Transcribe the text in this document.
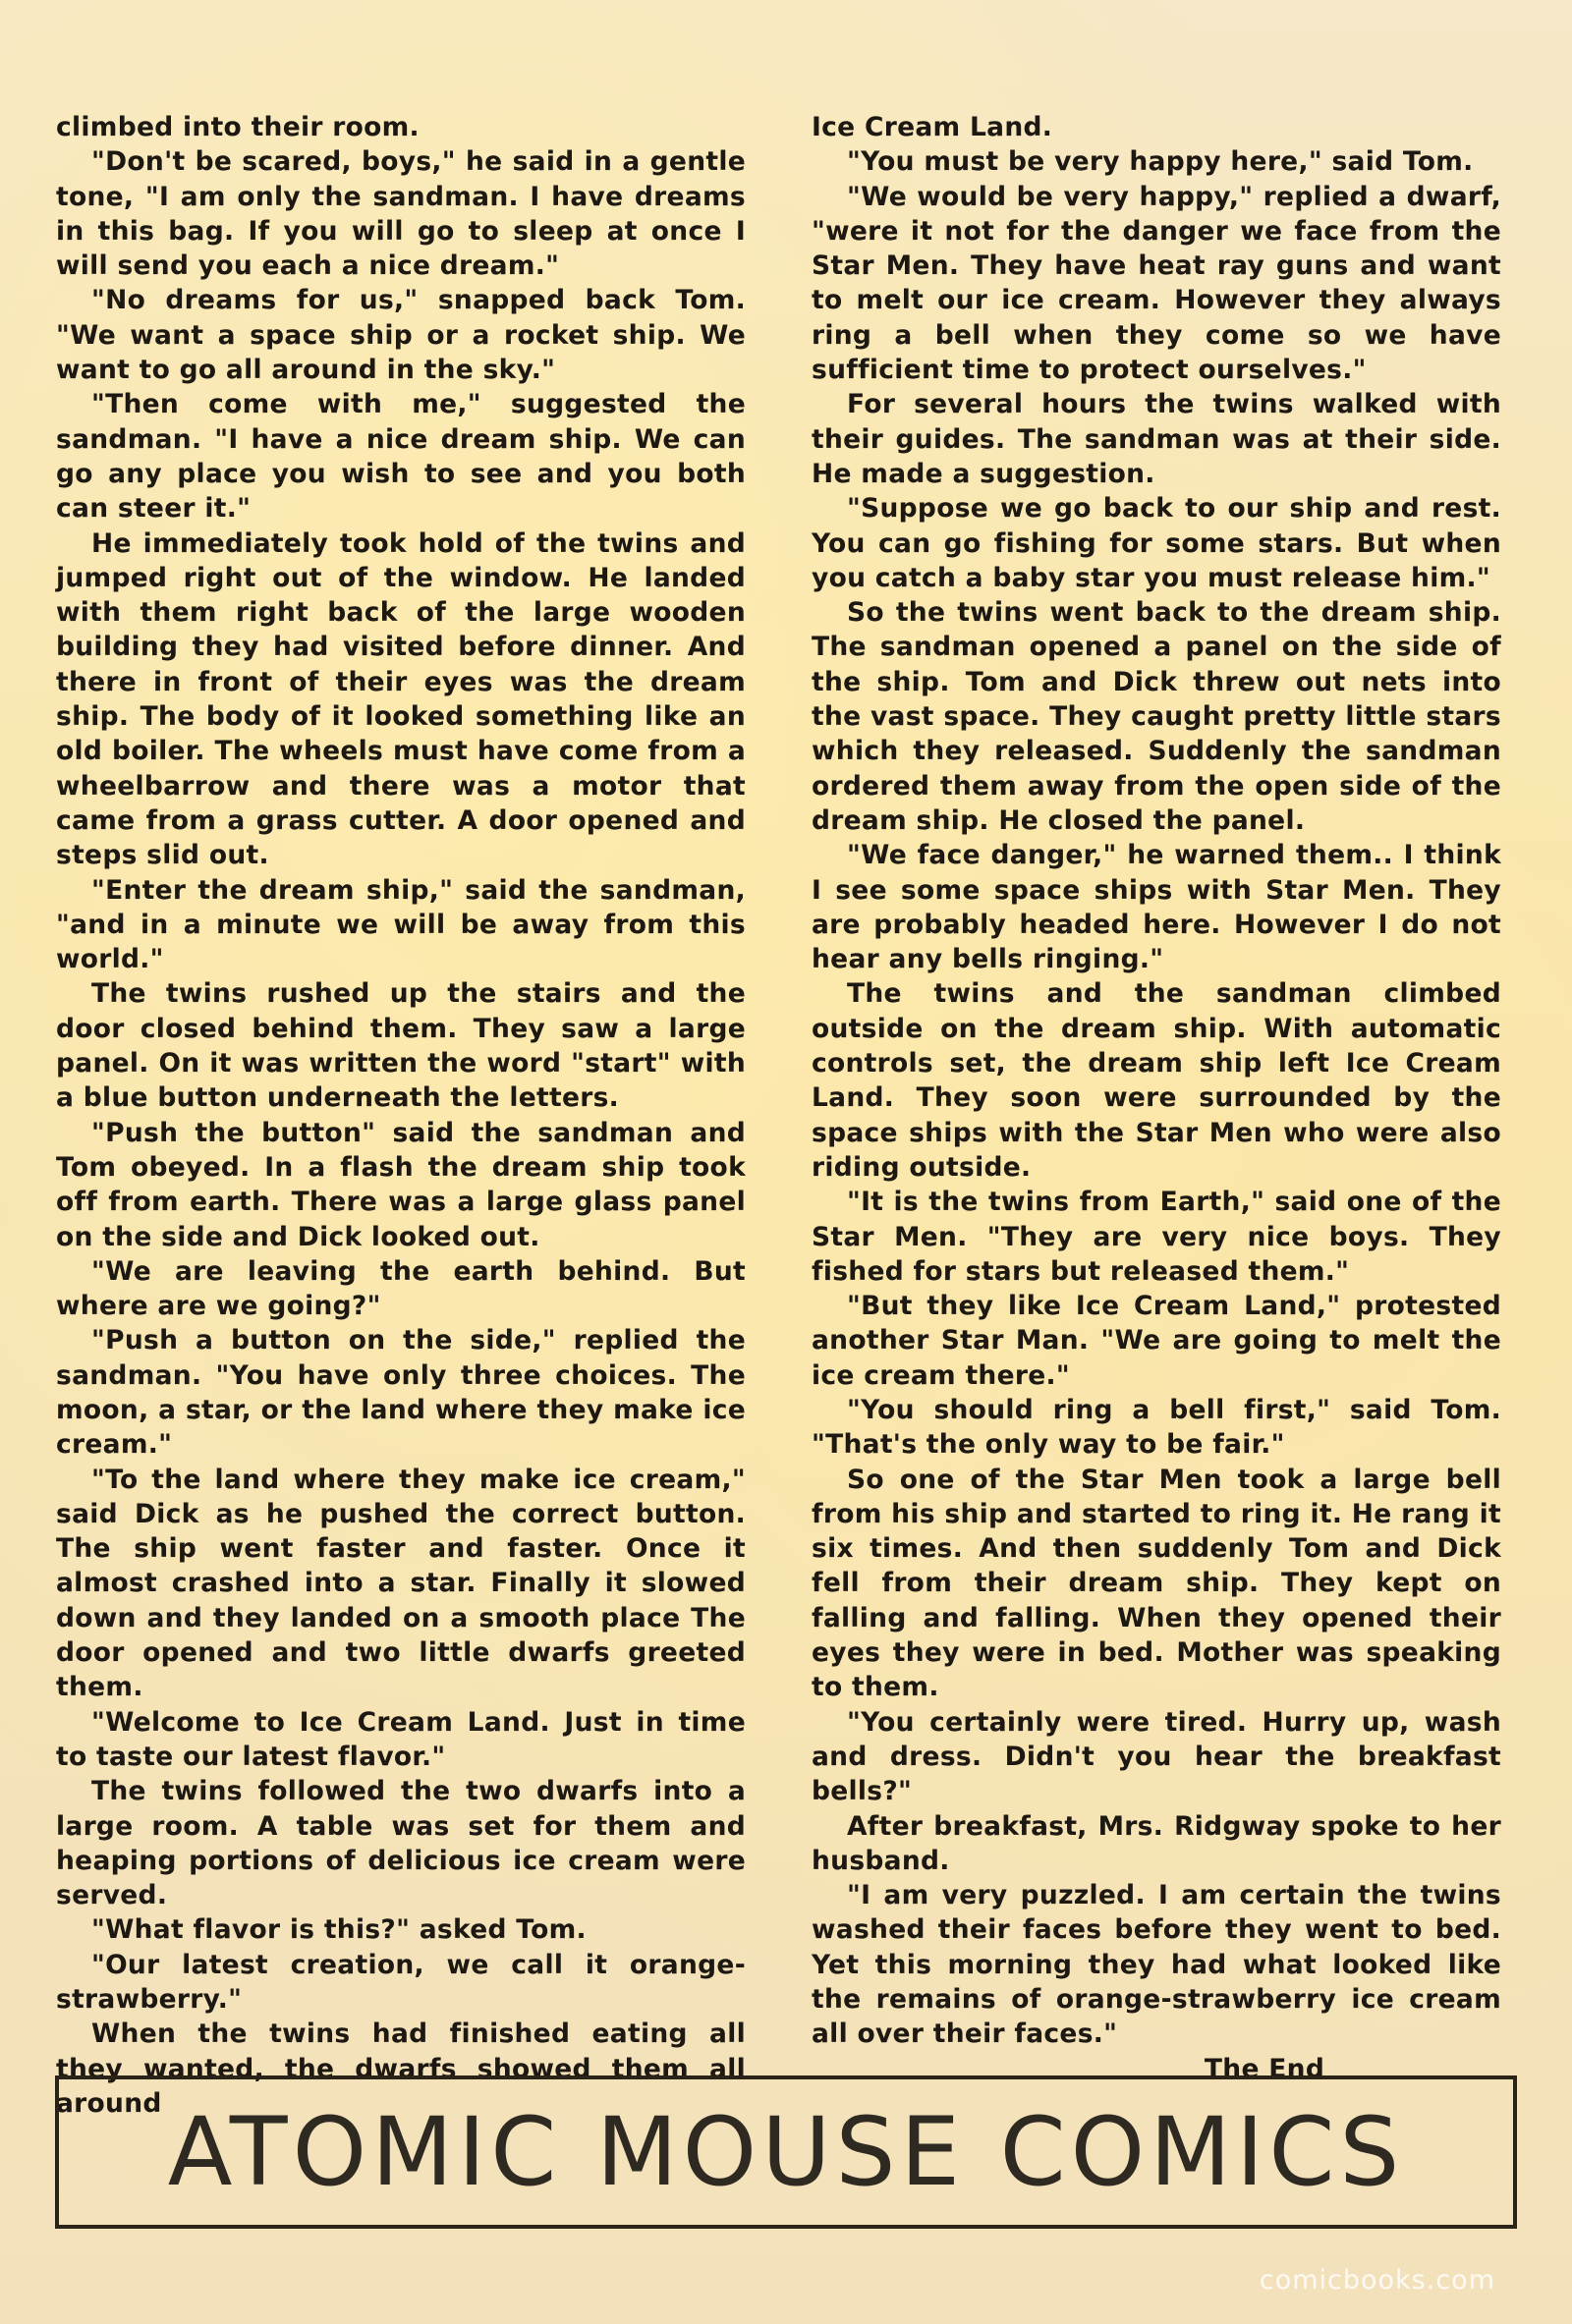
climbed into their room.

"Don't be scared, boys," he said in a gentle tone, "I am only the sandman. I have dreams in this bag. If you will go to sleep at once I will send you each a nice dream."

"No dreams for us," snapped back Tom. "We want a space ship or a rocket ship. We want to go all around in the sky."

"Then come with me," suggested the sandman. "I have a nice dream ship. We can go any place you wish to see and you both can steer it."

He immediately took hold of the twins and jumped right out of the window. He landed with them right back of the large wooden building they had visited before dinner. And there in front of their eyes was the dream ship. The body of it looked something like an old boiler. The wheels must have come from a wheelbarrow and there was a motor that came from a grass cutter. A door opened and steps slid out.

"Enter the dream ship," said the sandman, "and in a minute we will be away from this world."

The twins rushed up the stairs and the door closed behind them. They saw a large panel. On it was written the word "start" with a blue button underneath the letters.

"Push the button" said the sandman and Tom obeyed. In a flash the dream ship took off from earth. There was a large glass panel on the side and Dick looked out.

"We are leaving the earth behind. But where are we going?"

"Push a button on the side," replied the sandman. "You have only three choices. The moon, a star, or the land where they make ice cream."

"To the land where they make ice cream," said Dick as he pushed the correct button. The ship went faster and faster. Once it almost crashed into a star. Finally it slowed down and they landed on a smooth place The door opened and two little dwarfs greeted them.

"Welcome to Ice Cream Land. Just in time to taste our latest flavor."

The twins followed the two dwarfs into a large room. A table was set for them and heaping portions of delicious ice cream were served.

"What flavor is this?" asked Tom.

"Our latest creation, we call it orange-strawberry."

When the twins had finished eating all they wanted, the dwarfs showed them all around

Ice Cream Land.

"You must be very happy here," said Tom.

"We would be very happy," replied a dwarf, "were it not for the danger we face from the Star Men. They have heat ray guns and want to melt our ice cream. However they always ring a bell when they come so we have sufficient time to protect ourselves."

For several hours the twins walked with their guides. The sandman was at their side. He made a suggestion.

"Suppose we go back to our ship and rest. You can go fishing for some stars. But when you catch a baby star you must release him."

So the twins went back to the dream ship. The sandman opened a panel on the side of the ship. Tom and Dick threw out nets into the vast space. They caught pretty little stars which they released. Suddenly the sandman ordered them away from the open side of the dream ship. He closed the panel.

"We face danger," he warned them.. I think I see some space ships with Star Men. They are probably headed here. However I do not hear any bells ringing."

The twins and the sandman climbed outside on the dream ship. With automatic controls set, the dream ship left Ice Cream Land. They soon were surrounded by the space ships with the Star Men who were also riding outside.

"It is the twins from Earth," said one of the Star Men. "They are very nice boys. They fished for stars but released them."

"But they like Ice Cream Land," protested another Star Man. "We are going to melt the ice cream there."

"You should ring a bell first," said Tom. "That's the only way to be fair."

So one of the Star Men took a large bell from his ship and started to ring it. He rang it six times. And then suddenly Tom and Dick fell from their dream ship. They kept on falling and falling. When they opened their eyes they were in bed. Mother was speaking to them.

"You certainly were tired. Hurry up, wash and dress. Didn't you hear the breakfast bells?"

After breakfast, Mrs. Ridgway spoke to her husband.

"I am very puzzled. I am certain the twins washed their faces before they went to bed. Yet this morning they had what looked like the remains of orange-strawberry ice cream all over their faces."

The End

ATOMIC MOUSE COMICS
comicbooks.com
